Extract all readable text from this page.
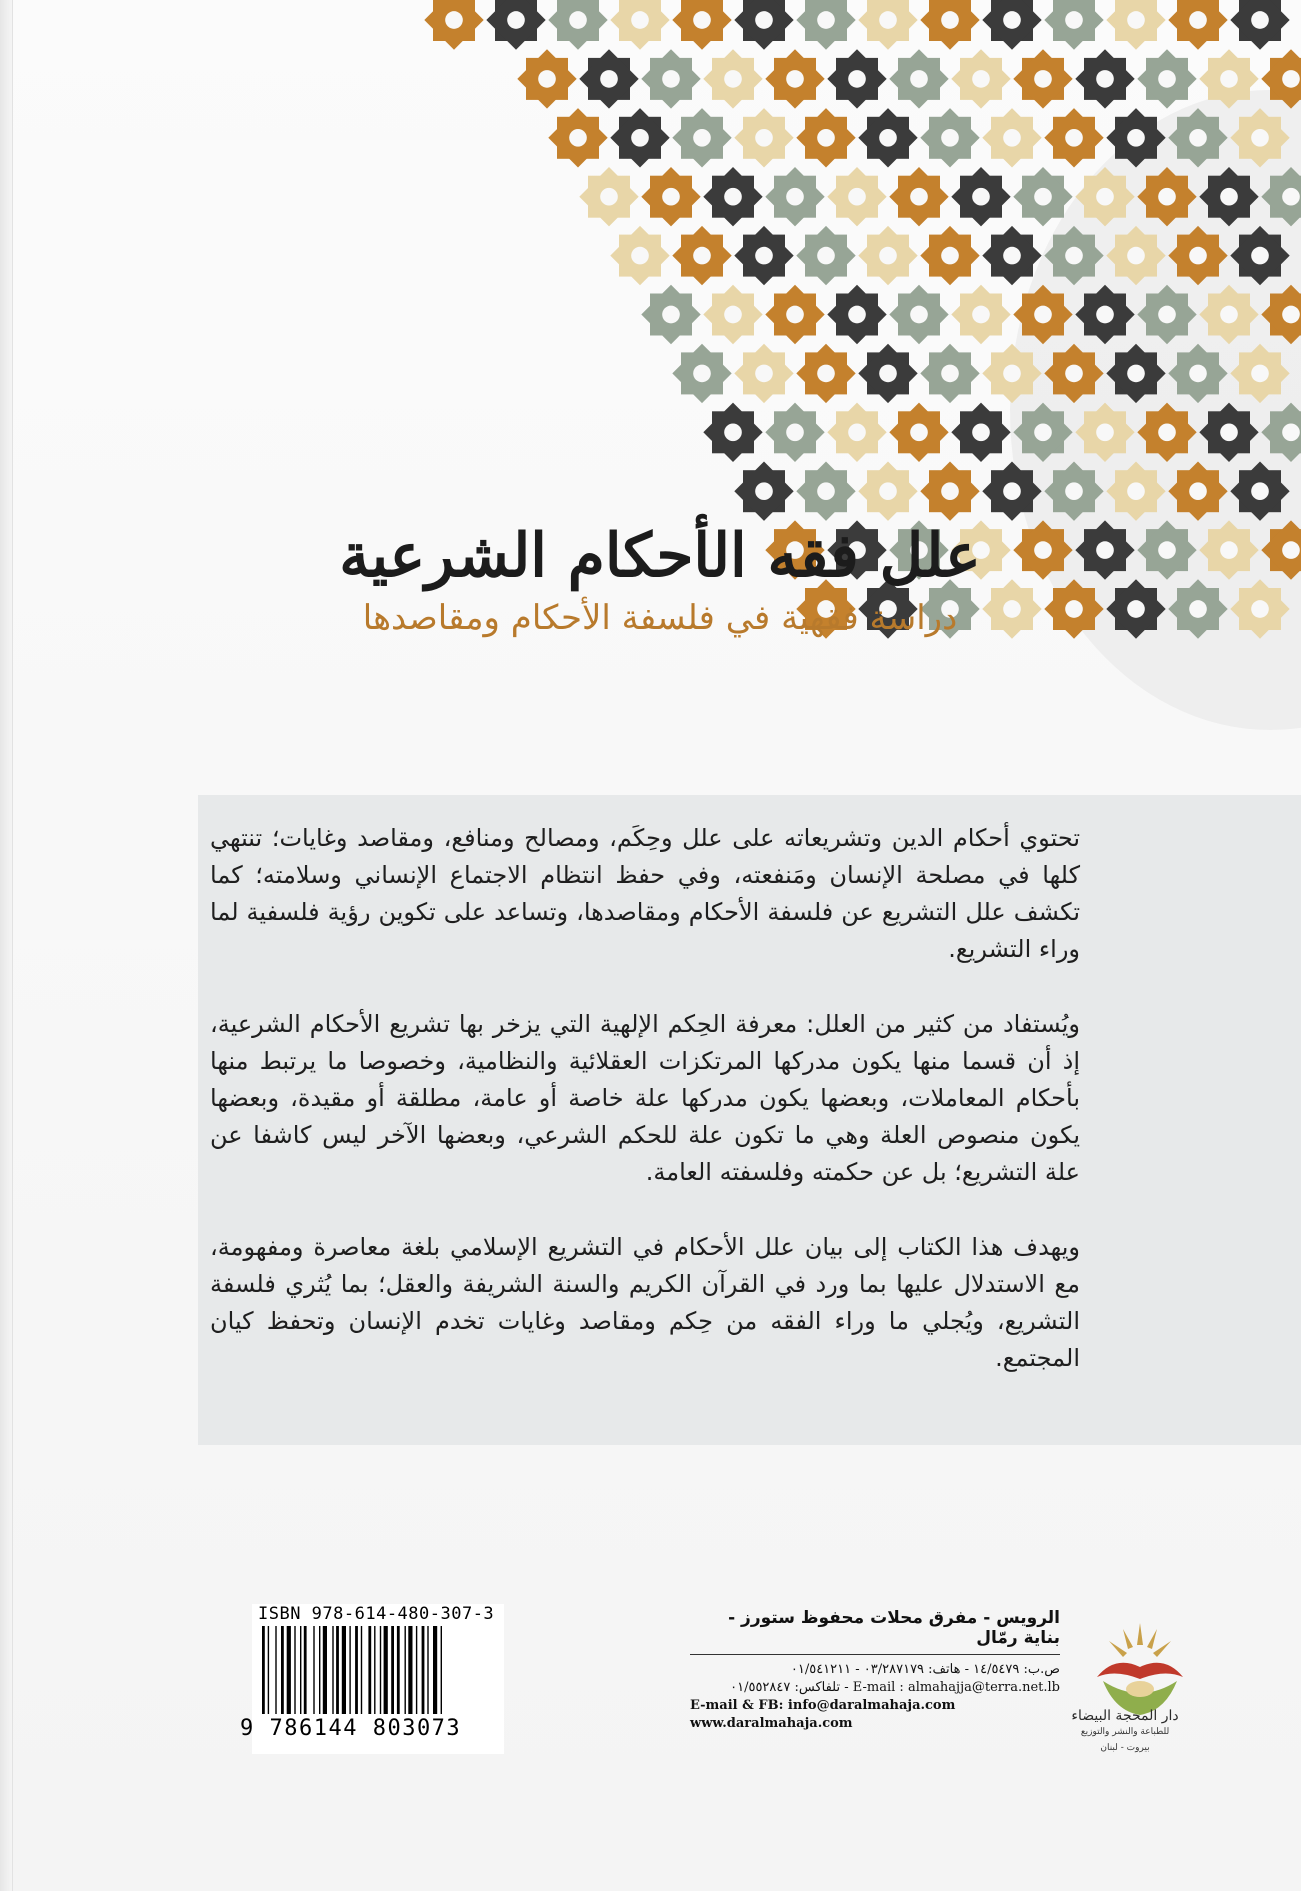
علل فقه الأحكام الشرعية
دراسة فقهية في فلسفة الأحكام ومقاصدها

تحتوي أحكام الدين وتشريعاته على علل وحِكَم، ومصالح ومنافع، ومقاصد وغايات؛ تنتهي كلها في مصلحة الإنسان ومَنفعته، وفي حفظ انتظام الاجتماع الإنساني وسلامته؛ كما تكشف علل التشريع عن فلسفة الأحكام ومقاصدها، وتساعد على تكوين رؤية فلسفية لما وراء التشريع.

ويُستفاد من كثير من العلل: معرفة الحِكم الإلهية التي يزخر بها تشريع الأحكام الشرعية، إذ أن قسما منها يكون مدركها المرتكزات العقلائية والنظامية، وخصوصا ما يرتبط منها بأحكام المعاملات، وبعضها يكون مدركها علة خاصة أو عامة، مطلقة أو مقيدة، وبعضها يكون منصوص العلة وهي ما تكون علة للحكم الشرعي، وبعضها الآخر ليس كاشفا عن علة التشريع؛ بل عن حكمته وفلسفته العامة.

ويهدف هذا الكتاب إلى بيان علل الأحكام في التشريع الإسلامي بلغة معاصرة ومفهومة، مع الاستدلال عليها بما ورد في القرآن الكريم والسنة الشريفة والعقل؛ بما يُثري فلسفة التشريع، ويُجلي ما وراء الفقه من حِكم ومقاصد وغايات تخدم الإنسان وتحفظ كيان المجتمع.

ISBN 978-614-480-307-3
9 786144 803073
الرويس - مفرق محلات محفوظ ستورز - بناية رمّال
ص.ب: ١٤/٥٤٧٩ - هاتف: ٠٣/٢٨٧١٧٩ - ٠١/٥٤١٢١١
E-mail : almahajja@terra.net.lb - تلفاكس: ٠١/٥٥٢٨٤٧
E-mail & FB: info@daralmahaja.com
www.daralmahaja.com	دار المحجة البيضاء
للطباعة والنشر والتوزيع
بيروت - لبنان
